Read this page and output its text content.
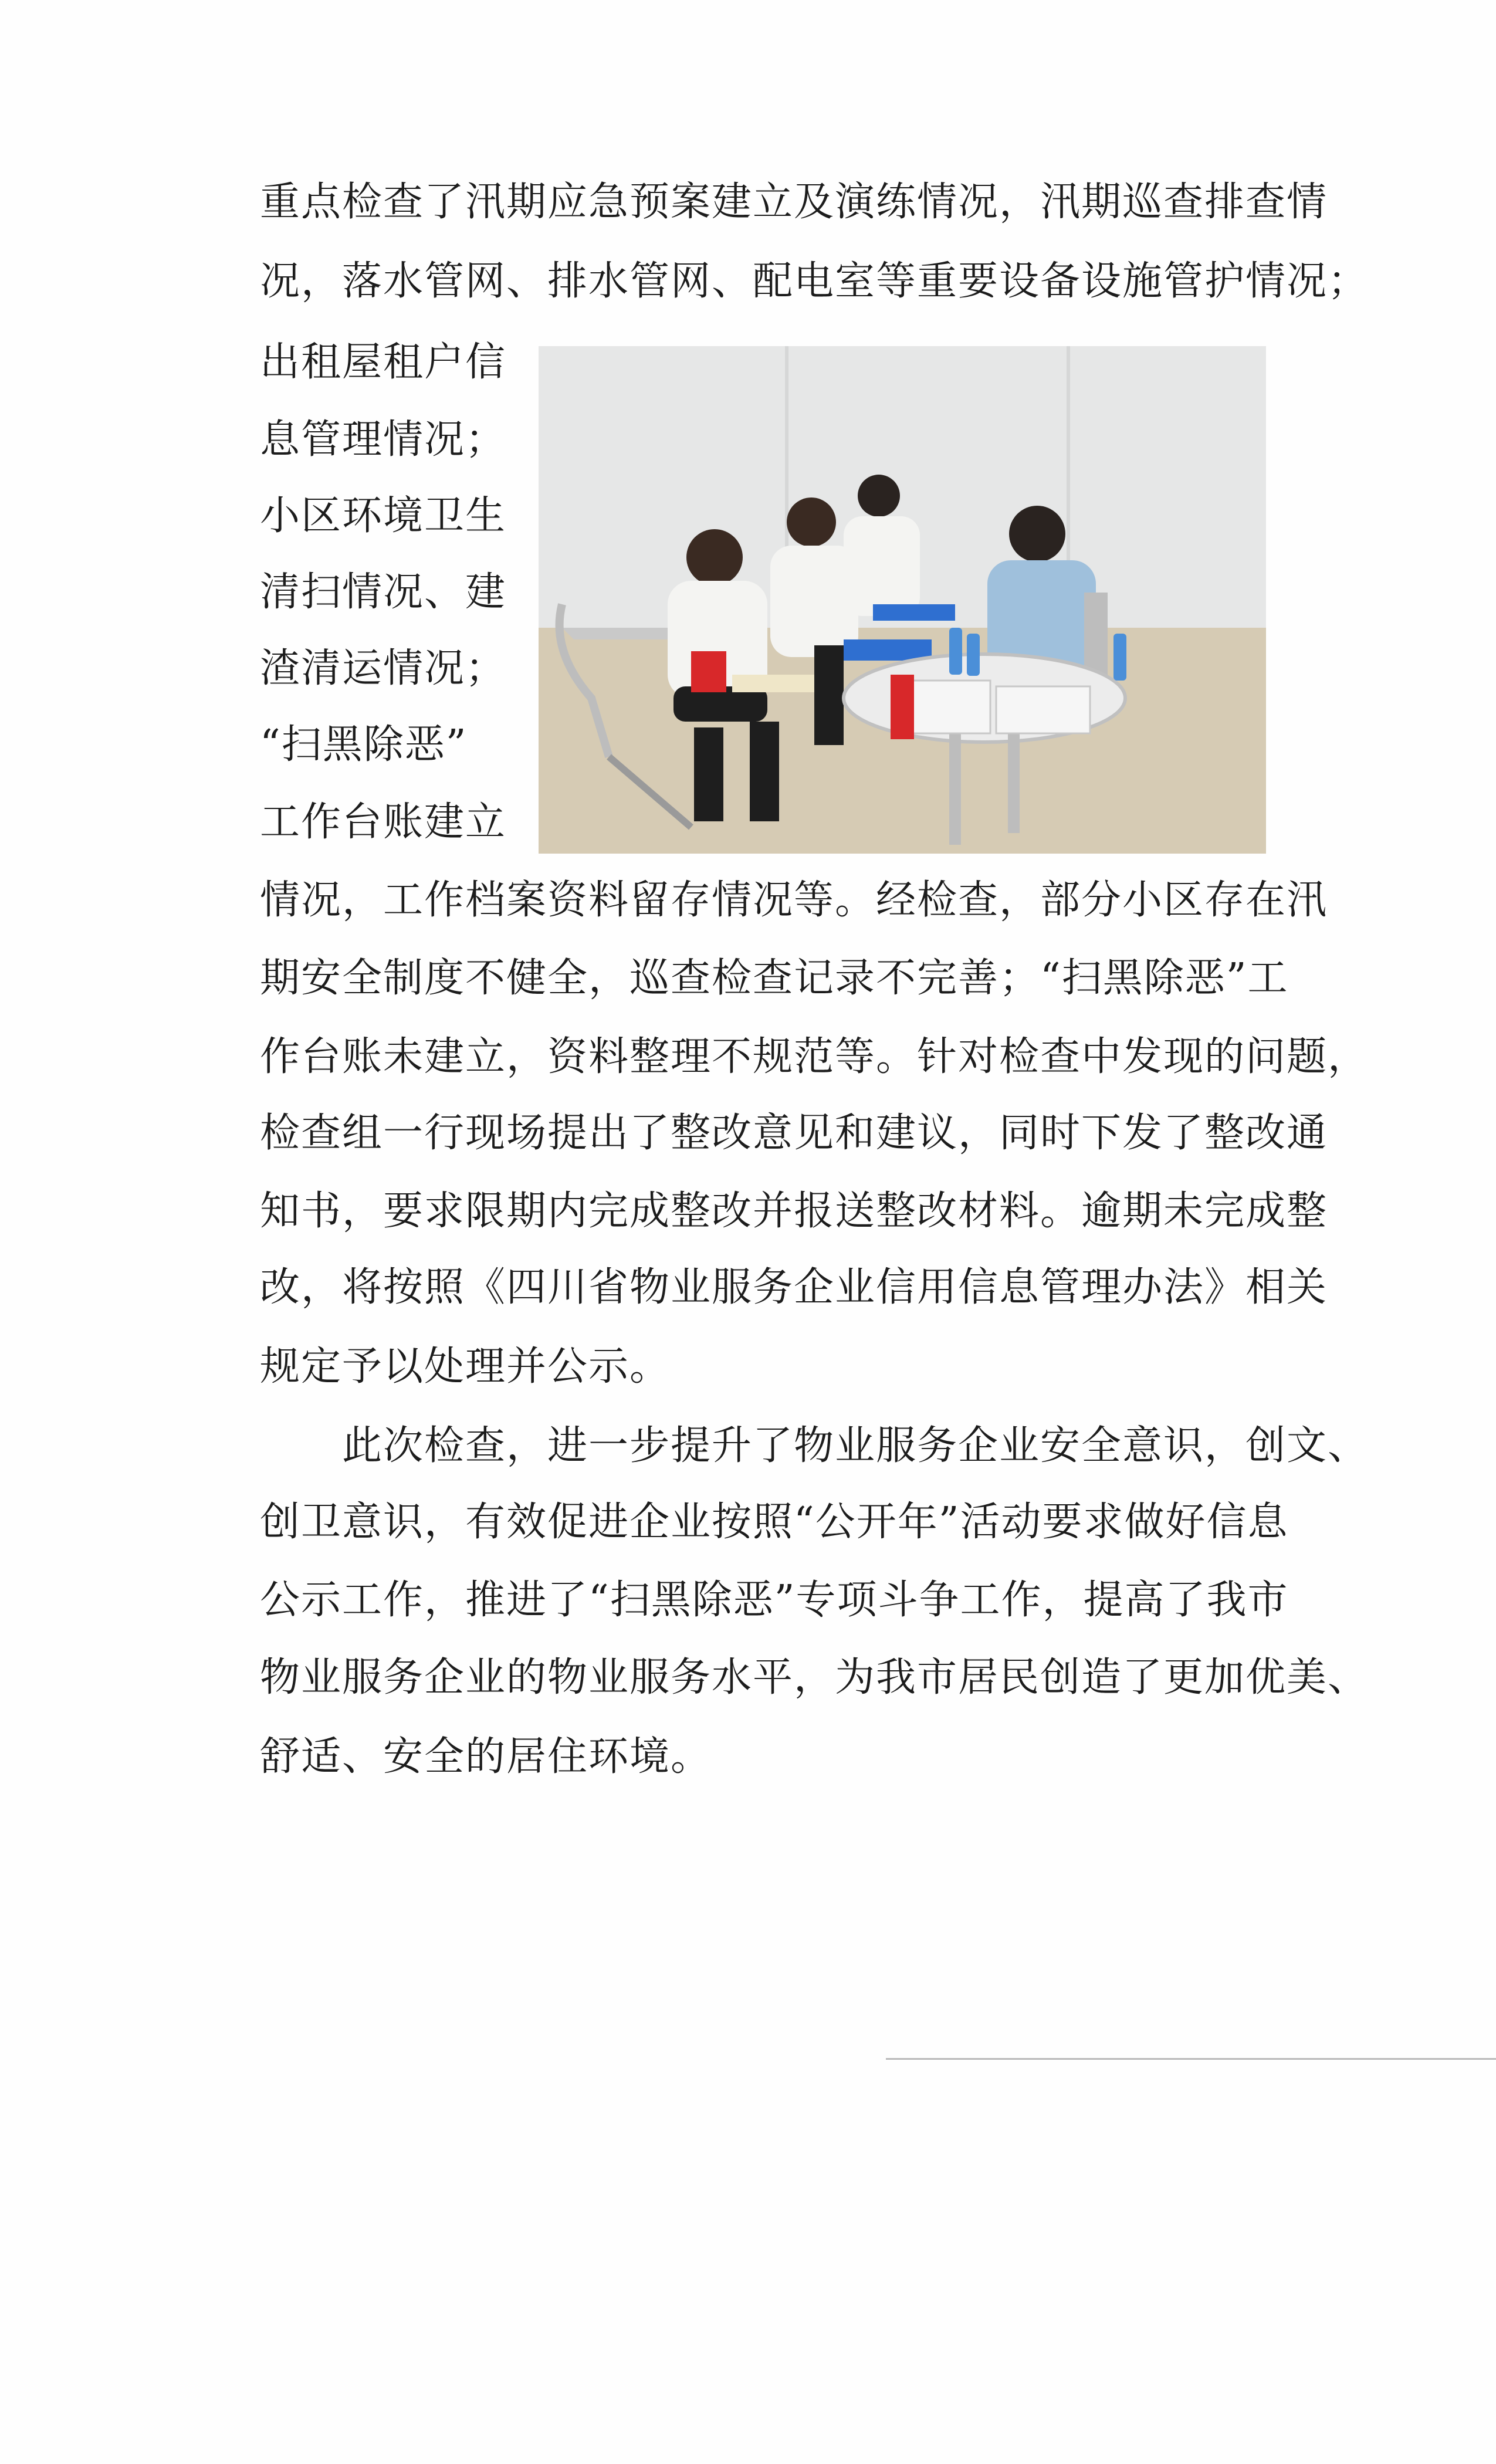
重点检查了汛期应急预案建立及演练情况，汛期巡查排查情
况，落水管网、排水管网、配电室等重要设备设施管护情况；
出租屋租户信
息管理情况；
小区环境卫生
清扫情况、建
渣清运情况；
“扫黑除恶”
工作台账建立
情况，工作档案资料留存情况等。经检查，部分小区存在汛
期安全制度不健全，巡查检查记录不完善；“扫黑除恶”工
作台账未建立，资料整理不规范等。针对检查中发现的问题，
检查组一行现场提出了整改意见和建议，同时下发了整改通
知书，要求限期内完成整改并报送整改材料。逾期未完成整
改，将按照《四川省物业服务企业信用信息管理办法》相关
规定予以处理并公示。
此次检查，进一步提升了物业服务企业安全意识，创文、
创卫意识，有效促进企业按照“公开年”活动要求做好信息
公示工作，推进了“扫黑除恶”专项斗争工作，提高了我市
物业服务企业的物业服务水平，为我市居民创造了更加优美、
舒适、安全的居住环境。
